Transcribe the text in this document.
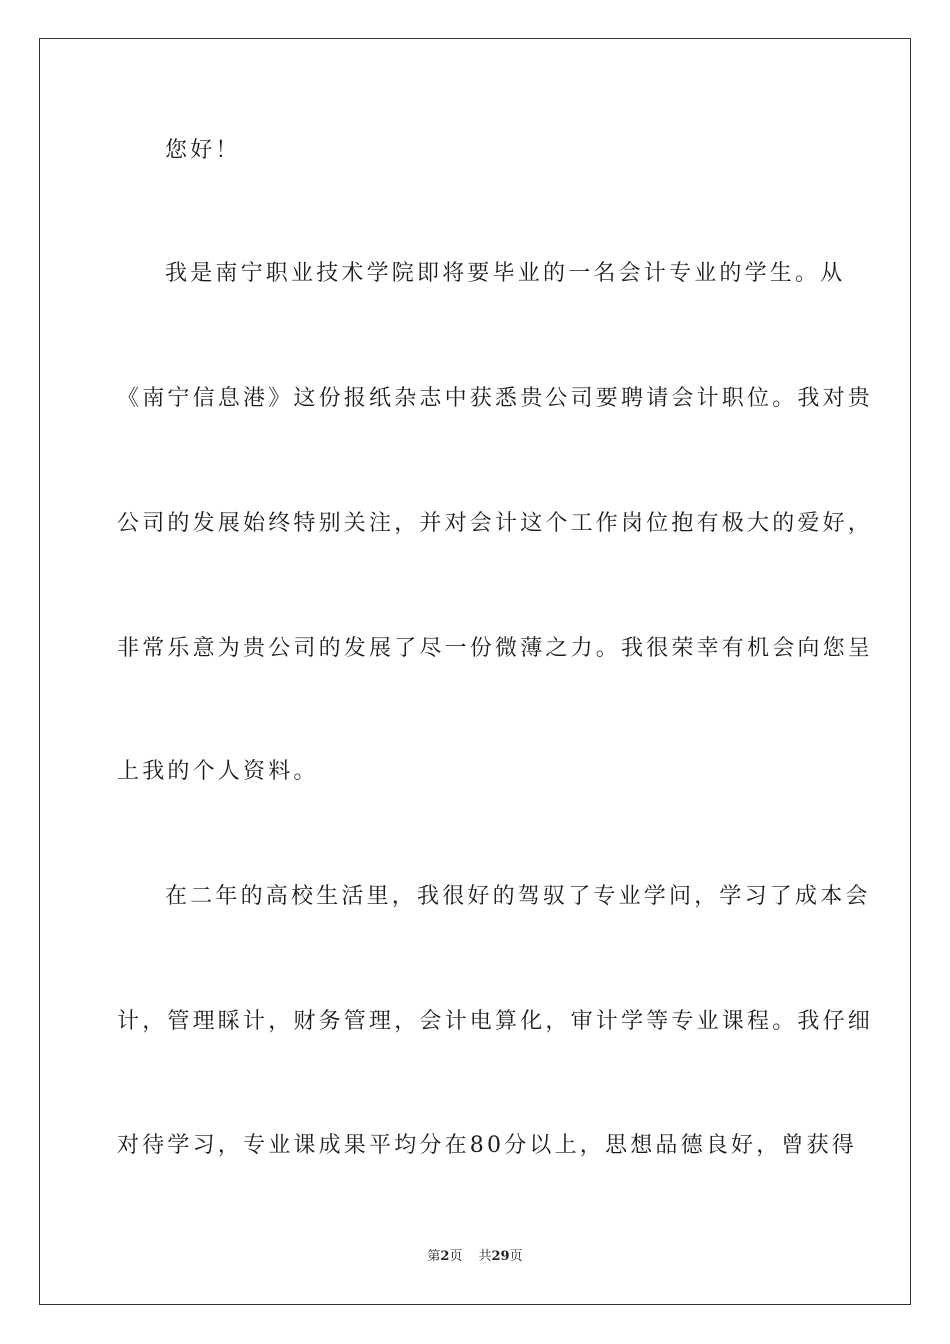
您好！

我是南宁职业技术学院即将要毕业的一名会计专业的学生。从

《南宁信息港》这份报纸杂志中获悉贵公司要聘请会计职位。我对贵

公司的发展始终特别关注，并对会计这个工作岗位抱有极大的爱好，

非常乐意为贵公司的发展了尽一份微薄之力。我很荣幸有机会向您呈

上我的个人资料。

在二年的高校生活里，我很好的驾驭了专业学问，学习了成本会

计，管理睬计，财务管理，会计电算化，审计学等专业课程。我仔细

对待学习，专业课成果平均分在80分以上，思想品德良好，曾获得

第2页 共29页
